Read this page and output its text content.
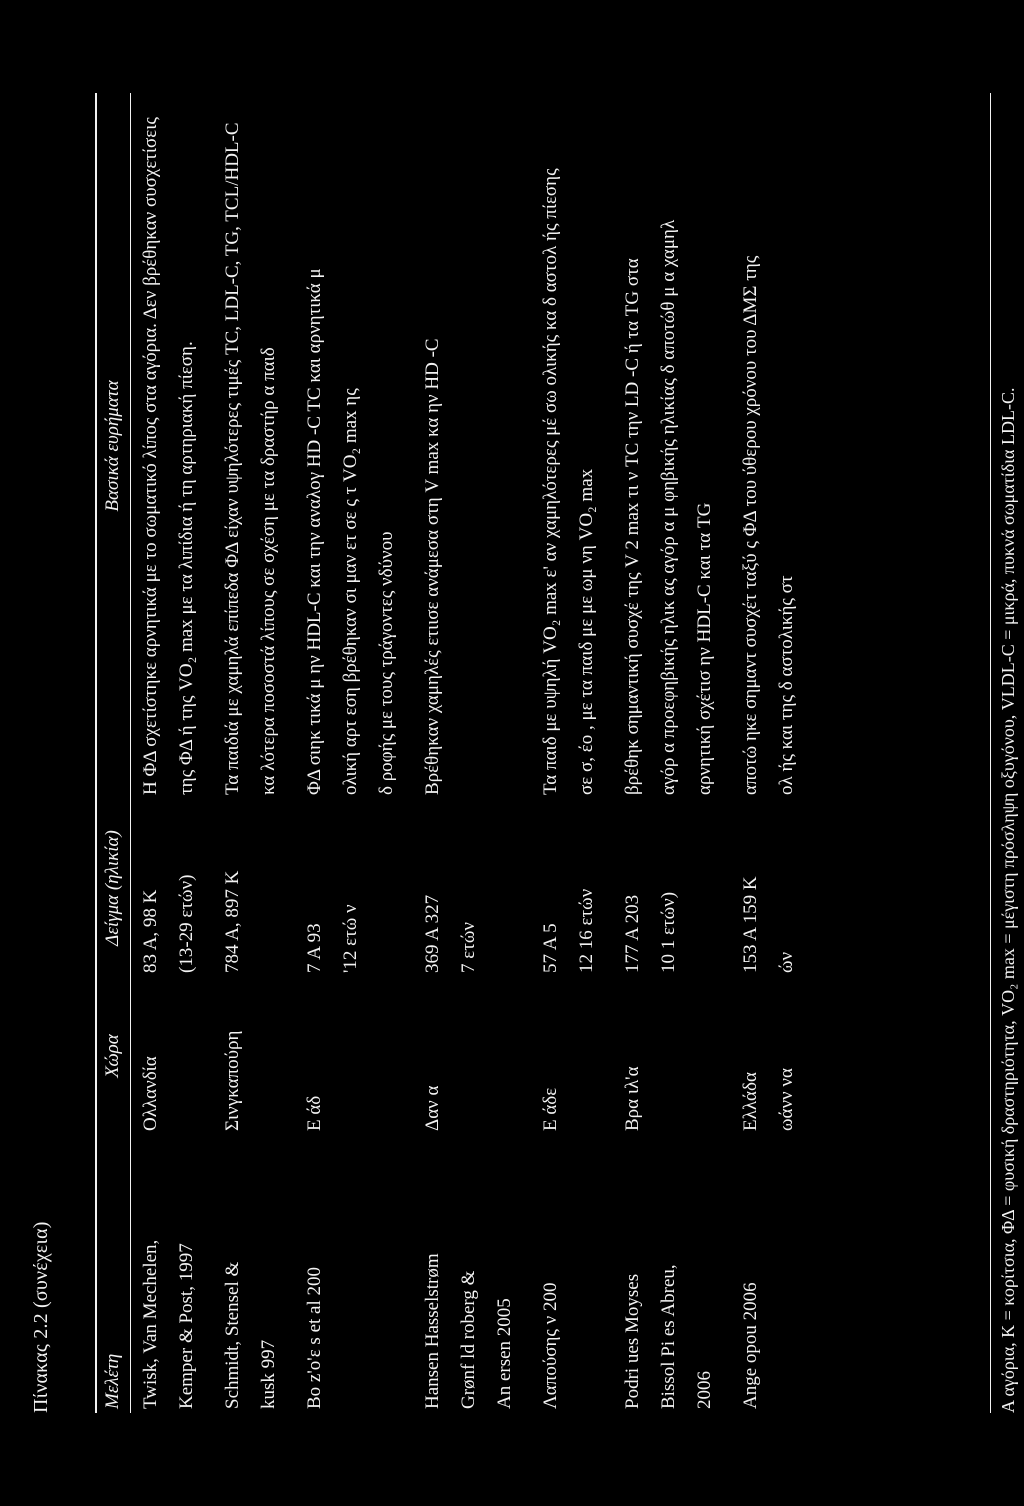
Πίνακας 2.2 (συνέχεια)	Μελέτη	Χώρα	Δείγμα (ηλικία)	Βασικά ευρήματα

Twisk, Van Mechelen, Kemper & Post, 1997	Ολλανδία	83 Α, 98 Κ (13-29 ετών)	Η ΦΔ σχετίστηκε αρνητικά με το σωματικό λίπος στα αγόρια. Δεν βρέθηκαν συσχετίσεις της ΦΔ ή της VO₂ max με τα λιπίδια ή τη αρτηριακή πίεση.

Schmidt, Stensel & kusk 997	Σινγκαπούρη	784 Α, 897 Κ	Τα παιδιά με χαμηλά επίπεδα ΦΔ είχαν υψηλότερες τιμές TC, LDL-C, TG, TCL/HDL-C κα λότερα ποσοστά λίπους σε σχέση με τα δραστήρ α παιδ

Bo z'o'ε s et al 200	Ε άδ	7 Α 93 '12 ετώ ν	ΦΔ σιηκ τικά μ ην HDL-C και την αναλογ HD -C TC και αρνητικά μ ολική αρτ εση βρέθηκαν σι μαν ετ σε ς τ VO₂ max ης δ ροφής με τους τράγοντες νδύνου

Hansen Hasselstrøm Grønf ld roberg & An ersen 2005	Δαν α	369 Α 327 7 ετών	Βρέθηκαν χαμηλές ετιισε ανάμεσα στη V max κα ην HD -C

Λαπούσης ν 200	Ε άδε	57 Α 5 12 16 ετών	Τα παιδ με υψηλή VO₂ max ε' αν χαμηλότερες μέ σω ολικής κα δ αστολ ής πίεσης σε σ, έο , με τα παιδ με με ωμ νη VO₂ max

Podri ues Moyses Bissol Pi es Abreu, 2006	Βρα ιλ'α	177 Α 203 10 1 ετών)	βρέθηκ σημαντική συσχέ της V 2 max τι ν TC την LD -C ή τα TG στα αγόρ α προεφηβικής ηλικ ας αγόρ α μ φηβικής ηλικίας δ αποτώθ μ α χαμηλ αρνητική σχέτισ ην HDL-C και τα TG

Ange opou 2006	Ελλάδα ωάνν να	153 Α 159 Κ ών	αποτώ ηκε σημαντ συσχέτ ταξύ ς ΦΔ του ύθερου χρόνου του ΔΜΣ της ολ ής και της δ αστολικής στ	Α αγόρια, Κ = κορίτσια, ΦΔ = φυσική δραστηριότητα, VO₂ max = μέγιστη πρόσληψη οξυγόνου, VLDL-C = μικρά, πυκνά σωματίδια LDL-C.
